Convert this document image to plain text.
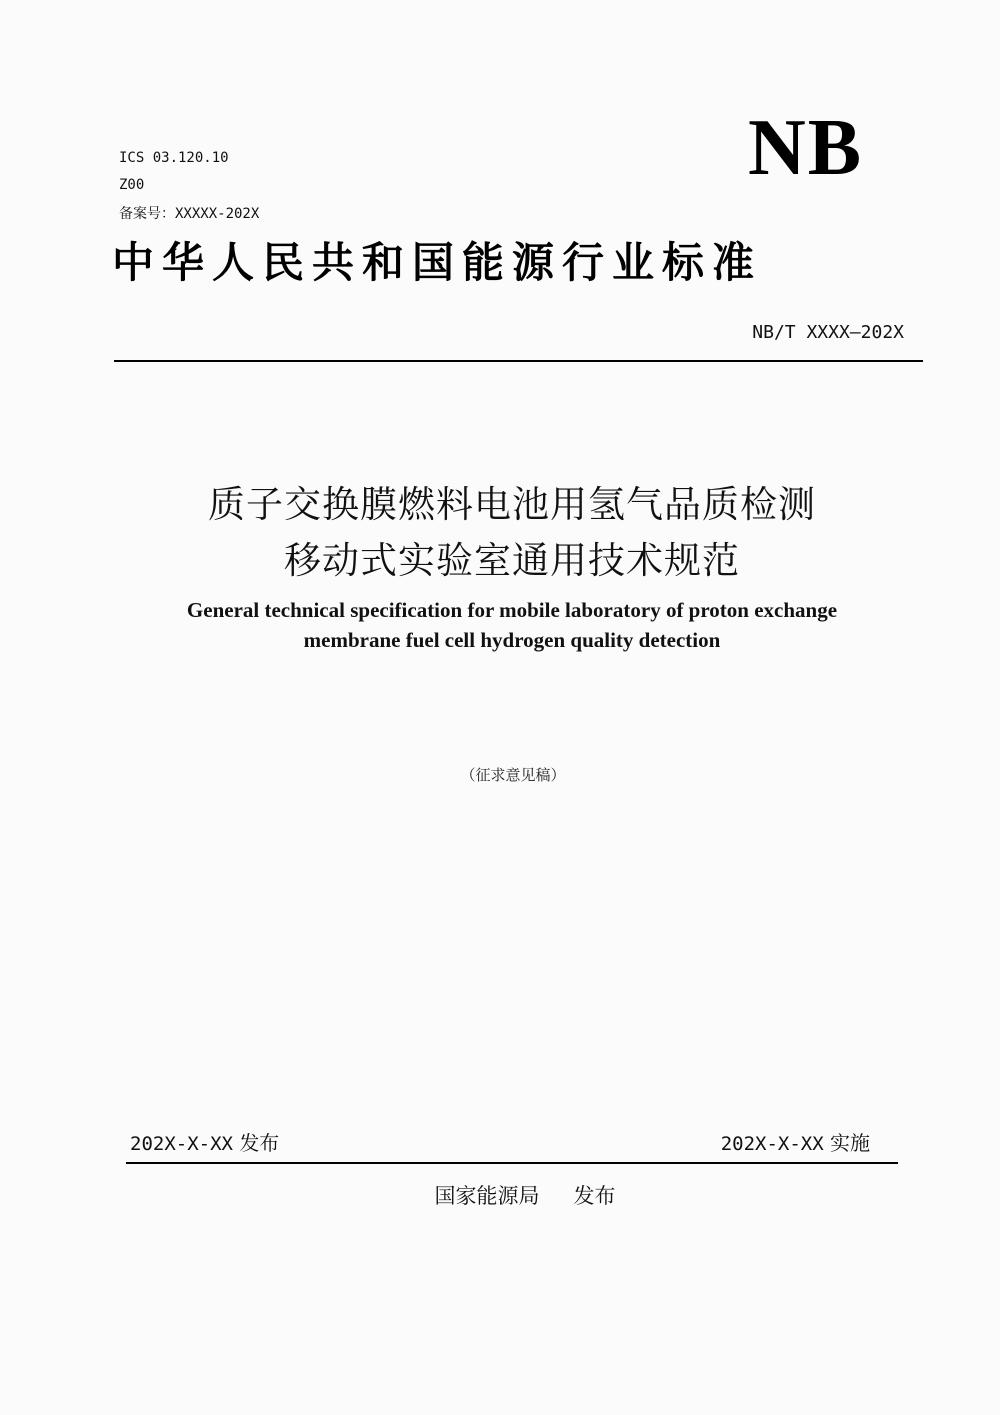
ICS 03.120.10
Z00
备案号：XXXXX-202X
NB
中华人民共和国能源行业标准
NB/T XXXX—202X
质子交换膜燃料电池用氢气品质检测
移动式实验室通用技术规范
General technical specification for mobile laboratory of proton exchange
membrane fuel cell hydrogen quality detection
（征求意见稿）
202X-X-XX 发布	202X-X-XX 实施
国家能源局 发布
